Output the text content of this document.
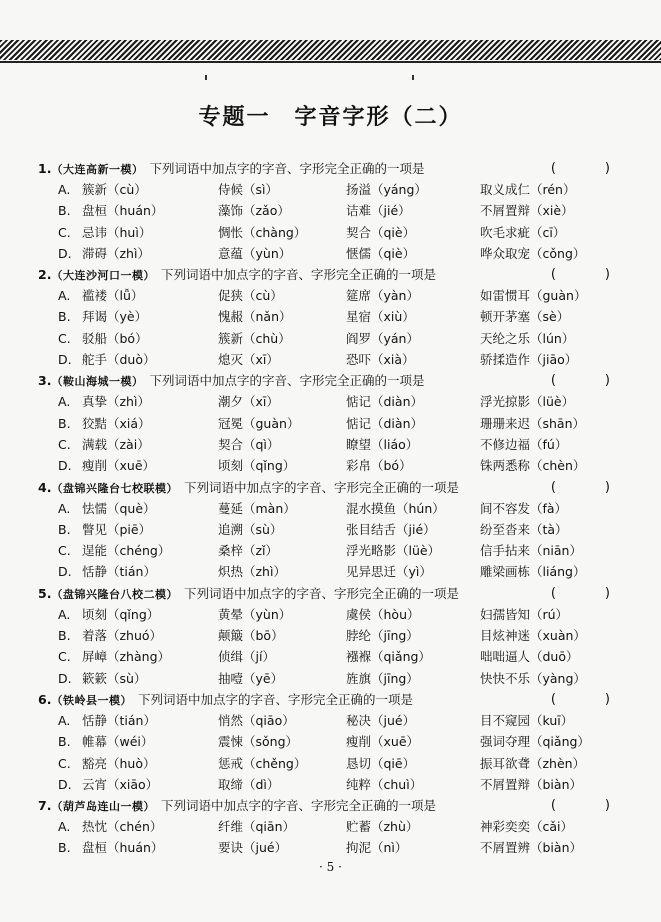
专题一　字音字形（二）
1.（大连高新一模） 下列词语中加点字的字音、字形完全正确的一项是	(　)
A. 簇新（cù）	侍候（sì）	扬溢（yáng）	取义成仁（rén）
B. 盘桓（huán）	藻饰（zǎo）	诘难（jié）	不屑置辩（xiè）
C. 忌讳（huì）	惆怅（chàng）	契合（qiè）	吹毛求疵（cī）
D. 滞碍（zhì）	意蕴（yùn）	惬儒（qiè）	哗众取宠（cǒng）
2.（大连沙河口一模） 下列词语中加点字的字音、字形完全正确的一项是	(　)
A. 褴褛（lǚ）	促狭（cù）	筵席（yàn）	如雷惯耳（guàn）
B. 拜谒（yè）	愧赧（nǎn）	星宿（xiù）	顿开茅塞（sè）
C. 驳船（bó）	簇新（chù）	阎罗（yán）	天纶之乐（lún）
D. 舵手（duò）	熄灭（xī）	恐吓（xià）	骄揉造作（jiāo）
3.（鞍山海城一模） 下列词语中加点字的字音、字形完全正确的一项是	(　)
A. 真挚（zhì）	潮夕（xī）	惦记（diàn）	浮光掠影（lüè）
B. 狡黠（xiá）	冠冕（guàn）	惦记（diàn）	珊珊来迟（shān）
C. 满载（zài）	契合（qì）	瞭望（liáo）	不修边福（fú）
D. 瘦削（xuē）	顷刻（qǐng）	彩帛（bó）	铢两悉称（chèn）
4.（盘锦兴隆台七校联模） 下列词语中加点字的字音、字形完全正确的一项是	(　)
A. 怯懦（què）	蔓延（màn）	混水摸鱼（hún）	间不容发（fà）
B. 瞥见（piē）	追溯（sù）	张目结舌（jié）	纷至沓来（tà）
C. 逞能（chéng）	桑梓（zǐ）	浮光略影（lüè）	信手拈来（niān）
D. 恬静（tián）	炽热（zhì）	见异思迁（yì）	雕梁画栋（liáng）
5.（盘锦兴隆台八校二模） 下列词语中加点字的字音、字形完全正确的一项是	(　)
A. 顷刻（qǐng）	黄晕（yùn）	虞侯（hòu）	妇孺皆知（rú）
B. 着落（zhuó）	颠簸（bō）	脖纶（jīng）	目炫神迷（xuàn）
C. 屏嶂（zhàng）	侦缉（jí）	襁褓（qiǎng）	咄咄逼人（duō）
D. 簌簌（sù）	抽噎（yē）	旌旗（jīng）	快快不乐（yàng）
6.（铁岭县一模） 下列词语中加点字的字音、字形完全正确的一项是	(　)
A. 恬静（tián）	悄然（qiāo）	秘决（jué）	目不窥园（kuī）
B. 帷幕（wéi）	震悚（sǒng）	瘦削（xuē）	强词夺理（qiǎng）
C. 豁亮（huò）	惩戒（chěng）	恳切（qiē）	振耳欲聋（zhèn）
D. 云宵（xiāo）	取缔（dì）	纯粹（chuì）	不屑置辩（biàn）
7.（葫芦岛连山一模） 下列词语中加点字的字音、字形完全正确的一项是	(　)
A. 热忱（chén）	纤维（qiān）	贮蓄（zhù）	神彩奕奕（cǎi）
B. 盘桓（huán）	要诀（jué）	拘泥（nì）	不屑置辨（biàn）
· 5 ·
